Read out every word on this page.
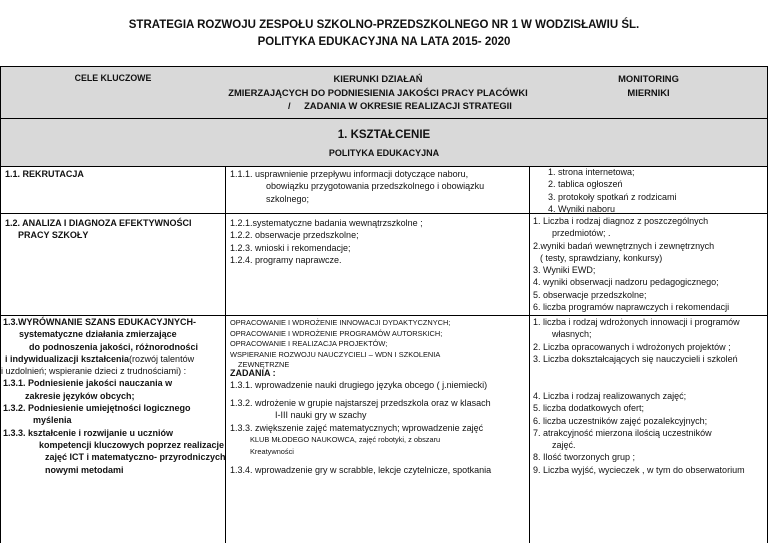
STRATEGIA ROZWOJU ZESPOŁU SZKOLNO-PRZEDSZKOLNEGO NR 1 W WODZISŁAWIU ŚL.
POLITYKA EDUKACYJNA NA LATA 2015- 2020
CELE KLUCZOWE	KIERUNKI DZIAŁAŃ
ZMIERZAJĄCYCH DO PODNIESIENIA JAKOŚCI PRACY PLACÓWKI
/ ZADANIA W OKRESIE REALIZACJI STRATEGII
MONITORING
MIERNIKI
1. KSZTAŁCENIE
POLITYKA EDUKACYJNA
1.1. REKRUTACJA	1.1.1. usprawnienie przepływu informacji dotyczące naboru,
obowiązku przygotowania przedszkolnego i obowiązku
szkolnego;
1. strona internetowa;
2. tablica ogłoszeń
3. protokoły spotkań z rodzicami
4. Wyniki naboru
1.2. ANALIZA I DIAGNOZA EFEKTYWNOŚCI
PRACY SZKOŁY
1.2.1.systematyczne badania wewnątrzszkolne ;
1.2.2. obserwacje przedszkolne;
1.2.3. wnioski i rekomendacje;
1.2.4. programy naprawcze.
1. Liczba i rodzaj diagnoz z poszczególnych
przedmiotów; .
2.wyniki badań wewnętrznych i zewnętrznych
( testy, sprawdziany, konkursy)
3. Wyniki EWD;
4. wyniki obserwacji nadzoru pedagogicznego;
5. obserwacje przedszkolne;
6. liczba programów naprawczych i rekomendacji
1.3.WYRÓWNANIE SZANS EDUKACYJNYCH-
systematyczne działania zmierzające
do podnoszenia jakości, różnorodności
i indywidualizacji kształcenia(rozwój talentów
i uzdolnień; wspieranie dzieci z trudnościami) :
1.3.1. Podniesienie jakości nauczania w
zakresie języków obcych;
1.3.2. Podniesienie umiejętności logicznego
myślenia
1.3.3. kształcenie i rozwijanie u uczniów
kompetencji kluczowych poprzez realizacje
zajęć ICT i matematyczno- przyrodniczych
nowymi metodami
OPRACOWANIE I WDROŻENIE INNOWACJI DYDAKTYCZNYCH;
OPRACOWANIE I WDROŻENIE PROGRAMÓW AUTORSKICH;
OPRACOWANIE I REALIZACJA PROJEKTÓW;
WSPIERANIE ROZWOJU NAUCZYCIELI – WDN I SZKOLENIA
ZEWNĘTRZNE
ZADANIA :
1.3.1. wprowadzenie nauki drugiego języka obcego ( j.niemiecki)
1.3.2. wdrożenie w grupie najstarszej przedszkola oraz w klasach
I-III nauki gry w szachy
1.3.3. zwiększenie zajęć matematycznych; wprowadzenie zajęć
KLUB MŁODEGO NAUKOWCA, zajęć robotyki, z obszaru
Kreatywności
1.3.4. wprowadzenie gry w scrabble, lekcje czytelnicze, spotkania
1. liczba i rodzaj wdrożonych innowacji i programów
własnych;
2. Liczba opracowanych i wdrożonych projektów ;
3. Liczba dokształcających się nauczycieli i szkoleń
4. Liczba i rodzaj realizowanych zajęć;
5. liczba dodatkowych ofert;
6. liczba uczestników zajęć pozalekcyjnych;
7. atrakcyjność mierzona ilością uczestników
zajęć.
8. Ilość tworzonych grup ;
9. Liczba wyjść, wycieczek , w tym do obserwatorium
